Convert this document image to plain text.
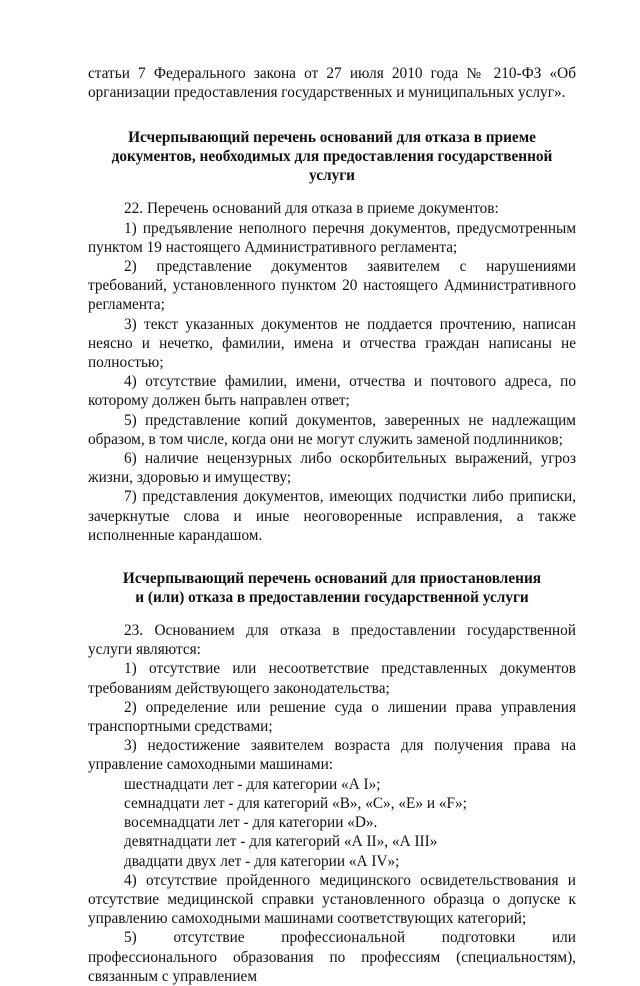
статьи 7 Федерального закона от 27 июля 2010 года № 210-ФЗ «Об организации предоставления государственных и муниципальных услуг».

Исчерпывающий перечень оснований для отказа в приеме
документов, необходимых для предоставления государственной услуги

22. Перечень оснований для отказа в приеме документов:

1) предъявление неполного перечня документов, предусмотренным пунктом 19 настоящего Административного регламента;

2) представление документов заявителем с нарушениями требований, установленного пунктом 20 настоящего Административного регламента;

3) текст указанных документов не поддается прочтению, написан неясно и нечетко, фамилии, имена и отчества граждан написаны не полностью;

4) отсутствие фамилии, имени, отчества и почтового адреса, по которому должен быть направлен ответ;

5) представление копий документов, заверенных не надлежащим образом, в том числе, когда они не могут служить заменой подлинников;

6) наличие нецензурных либо оскорбительных выражений, угроз жизни, здоровью и имуществу;

7) представления документов, имеющих подчистки либо приписки, зачеркнутые слова и иные неоговоренные исправления, а также исполненные карандашом.

Исчерпывающий перечень оснований для приостановления
и (или) отказа в предоставлении государственной услуги

23. Основанием для отказа в предоставлении государственной услуги являются:

1) отсутствие или несоответствие представленных документов требованиям действующего законодательства;

2) определение или решение суда о лишении права управления транспортными средствами;

3) недостижение заявителем возраста для получения права на управление самоходными машинами:

шестнадцати лет - для категории «А I»;

семнадцати лет - для категорий «B», «C», «E» и «F»;

восемнадцати лет - для категории «D».

девятнадцати лет - для категорий «А II», «А III»

двадцати двух лет - для категории «А IV»;

4) отсутствие пройденного медицинского освидетельствования и отсутствие медицинской справки установленного образца о допуске к управлению самоходными машинами соответствующих категорий;

5) отсутствие профессиональной подготовки или профессионального образования по профессиям (специальностям), связанным с управлением
